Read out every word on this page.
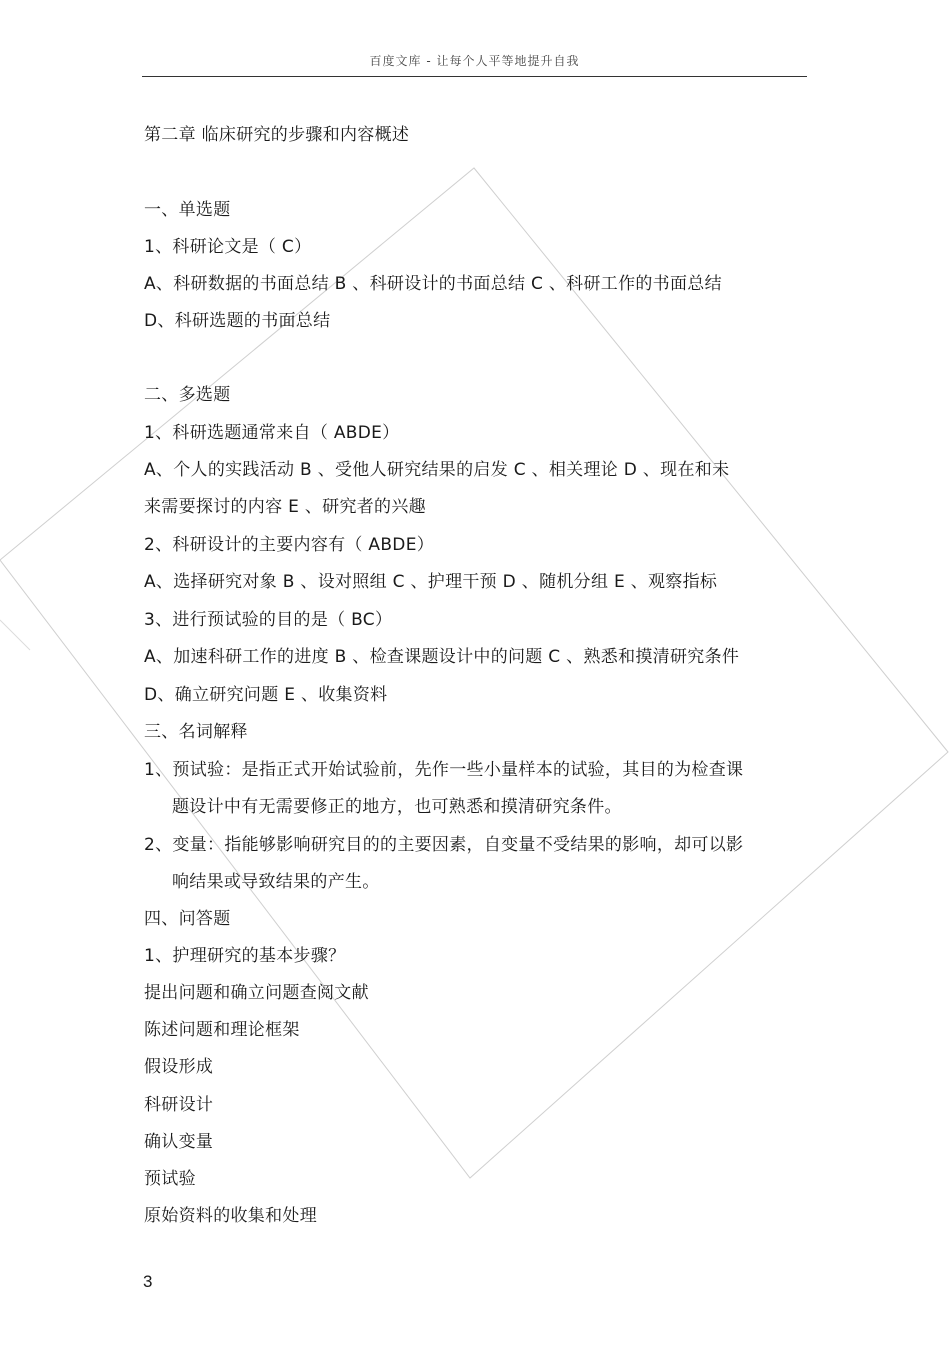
百度文库 - 让每个人平等地提升自我
第二章 临床研究的步骤和内容概述
一、单选题
1、科研论文是（ C）
A、科研数据的书面总结 B 、科研设计的书面总结 C 、科研工作的书面总结
D、科研选题的书面总结
二、多选题
1、科研选题通常来自（ ABDE）
A、个人的实践活动 B 、受他人研究结果的启发 C 、相关理论 D 、现在和未
来需要探讨的内容 E 、研究者的兴趣
2、科研设计的主要内容有（ ABDE）
A、选择研究对象 B 、设对照组 C 、护理干预 D 、随机分组 E 、观察指标
3、进行预试验的目的是（ BC）
A、加速科研工作的进度 B 、检查课题设计中的问题 C 、熟悉和摸清研究条件
D、确立研究问题 E 、收集资料
三、名词解释
1、预试验：是指正式开始试验前，先作一些小量样本的试验，其目的为检查课
题设计中有无需要修正的地方，也可熟悉和摸清研究条件。
2、变量：指能够影响研究目的的主要因素，自变量不受结果的影响，却可以影
响结果或导致结果的产生。
四、问答题
1、护理研究的基本步骤？
提出问题和确立问题查阅文献
陈述问题和理论框架
假设形成
科研设计
确认变量
预试验
原始资料的收集和处理
3
